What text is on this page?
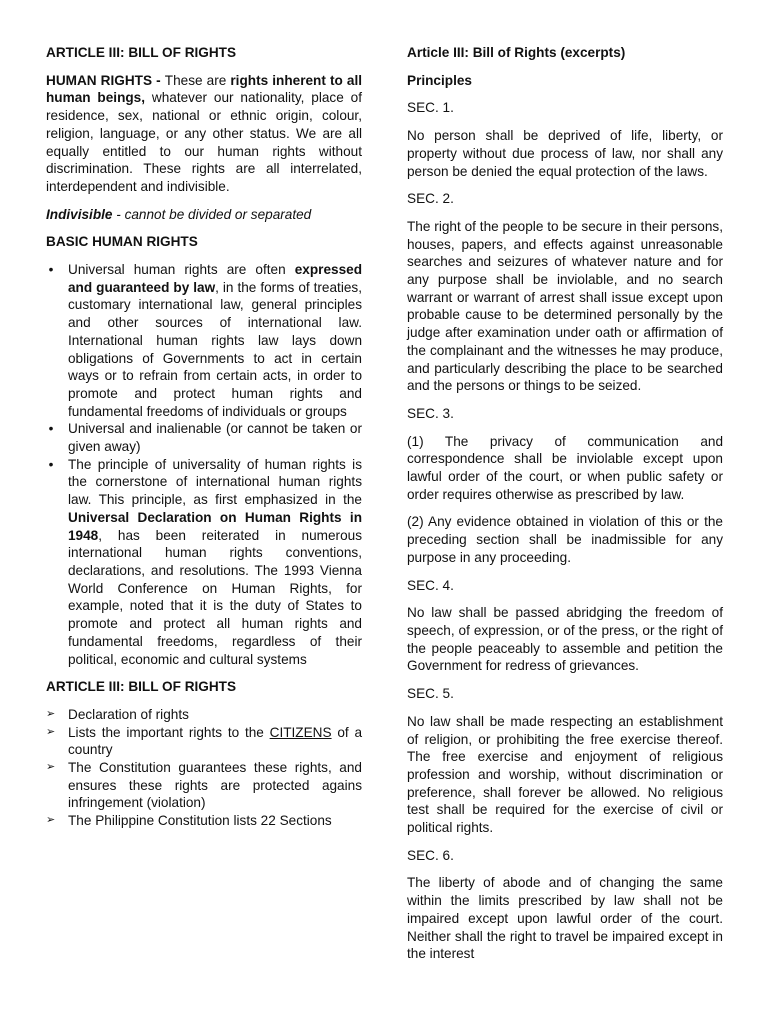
ARTICLE III: BILL OF RIGHTS

HUMAN RIGHTS - These are rights inherent to all human beings, whatever our nationality, place of residence, sex, national or ethnic origin, colour, religion, language, or any other status. We are all equally entitled to our human rights without discrimination. These rights are all interrelated, interdependent and indivisible.

Indivisible - cannot be divided or separated

BASIC HUMAN RIGHTS
• Universal human rights are often expressed and guaranteed by law, in the forms of treaties, customary international law, general principles and other sources of international law. International human rights law lays down obligations of Governments to act in certain ways or to refrain from certain acts, in order to promote and protect human rights and fundamental freedoms of individuals or groups
• Universal and inalienable (or cannot be taken or given away)
• The principle of universality of human rights is the cornerstone of international human rights law. This principle, as first emphasized in the Universal Declaration on Human Rights in 1948, has been reiterated in numerous international human rights conventions, declarations, and resolutions. The 1993 Vienna World Conference on Human Rights, for example, noted that it is the duty of States to promote and protect all human rights and fundamental freedoms, regardless of their political, economic and cultural systems
ARTICLE III: BILL OF RIGHTS
➢ Declaration of rights
➢ Lists the important rights to the CITIZENS of a country
➢ The Constitution guarantees these rights, and ensures these rights are protected agains infringement (violation)
➢ The Philippine Constitution lists 22 Sections
Article III: Bill of Rights (excerpts)
Principles
SEC. 1.

No person shall be deprived of life, liberty, or property without due process of law, nor shall any person be denied the equal protection of the laws.

SEC. 2.

The right of the people to be secure in their persons, houses, papers, and effects against unreasonable searches and seizures of whatever nature and for any purpose shall be inviolable, and no search warrant or warrant of arrest shall issue except upon probable cause to be determined personally by the judge after examination under oath or affirmation of the complainant and the witnesses he may produce, and particularly describing the place to be searched and the persons or things to be seized.

SEC. 3.

(1) The privacy of communication and correspondence shall be inviolable except upon lawful order of the court, or when public safety or order requires otherwise as prescribed by law.

(2) Any evidence obtained in violation of this or the preceding section shall be inadmissible for any purpose in any proceeding.

SEC. 4.

No law shall be passed abridging the freedom of speech, of expression, or of the press, or the right of the people peaceably to assemble and petition the Government for redress of grievances.

SEC. 5.

No law shall be made respecting an establishment of religion, or prohibiting the free exercise thereof. The free exercise and enjoyment of religious profession and worship, without discrimination or preference, shall forever be allowed. No religious test shall be required for the exercise of civil or political rights.

SEC. 6.

The liberty of abode and of changing the same within the limits prescribed by law shall not be impaired except upon lawful order of the court. Neither shall the right to travel be impaired except in the interest
